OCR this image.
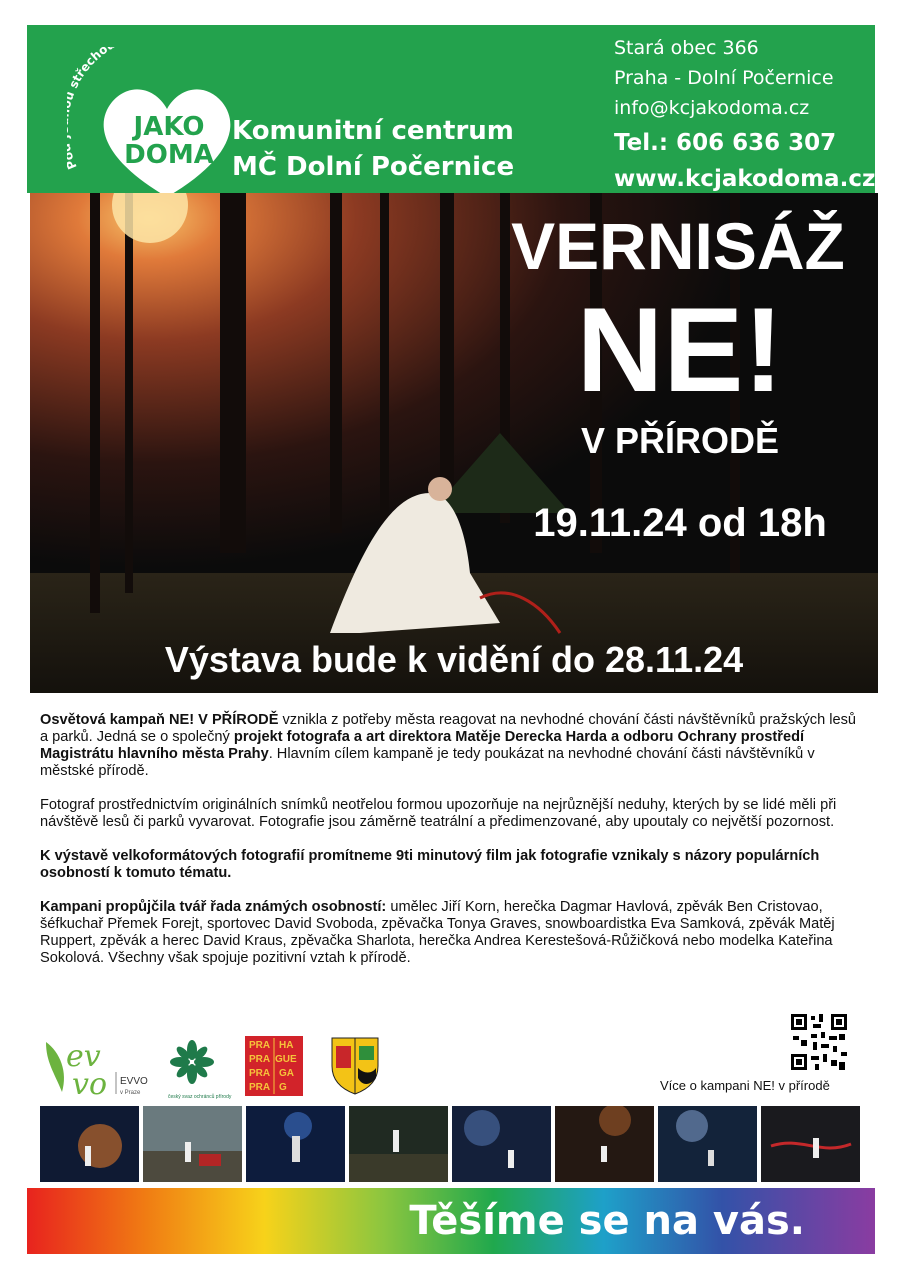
střecho
JAKO
DOMA
Komunitní centrum
MČ Dolní Počernice
Stará obec 366
Praha - Dolní Počernice
info@kcjakodoma.cz
Tel.: 606 636 307
www.kcjakodoma.cz
VERNISÁŽ
NE!
V PŘÍRODĚ
19.11.24 od 18h
Výstava bude k vidění do 28.11.24

Osvětová kampaň NE! V PŘÍRODĚ vznikla z potřeby města reagovat na nevhodné chování části návštěvníků pražských lesů a parků. Jedná se o společný projekt fotografa a art direktora Matěje Derecka Harda a odboru Ochrany prostředí Magistrátu hlavního města Prahy. Hlavním cílem kampaně je tedy poukázat na nevhodné chování části návštěvníků v městské přírodě.

Fotograf prostřednictvím originálních snímků neotřelou formou upozorňuje na nejrůznější neduhy, kterých by se lidé měli při návštěvě lesů či parků vyvarovat. Fotografie jsou záměrně teatrální a předimenzované, aby upoutaly co největší pozornost.

K výstavě velkoformátových fotografií promítneme 9ti minutový film jak fotografie vznikaly s názory populárních osobností k tomuto tématu.

Kampani propůjčila tvář řada známých osobností: umělec Jiří Korn, herečka Dagmar Havlová, zpěvák Ben Cristovao, šéfkuchař Přemek Forejt, sportovec David Svoboda, zpěvačka Tonya Graves, snowboardistka Eva Samková, zpěvák Matěj Ruppert, zpěvák a herec David Kraus, zpěvačka Sharlota, herečka Andrea Kerestešová-Růžičková nebo modelka Kateřina Sokolová. Všechny však spojuje pozitivní vztah k přírodě.

ev
vo EVVO
v Praze
český svaz ochránců přírody
PRA HA
PRA GUE
PRA GA
PRA G	Více o kampani NE! v přírodě
Těšíme se na vás.
